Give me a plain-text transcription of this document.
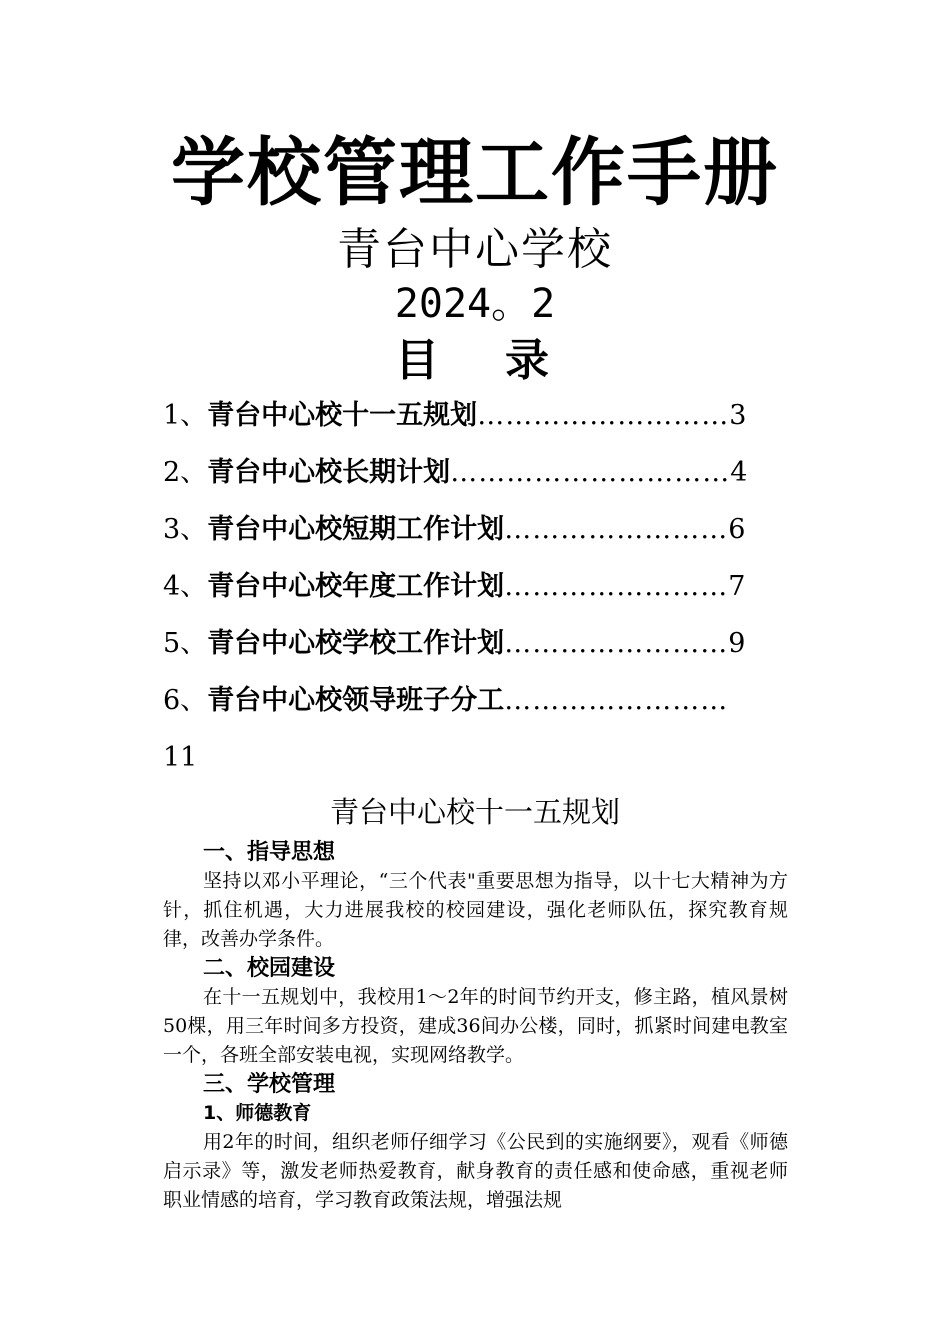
学校管理工作手册
青台中心学校
2024。2
目 录
1、青台中心校十一五规划………………………3
2、青台中心校长期计划…………………………4
3、青台中心校短期工作计划……………………6
4、青台中心校年度工作计划……………………7
5、青台中心校学校工作计划……………………9
6、青台中心校领导班子分工……………………
11
青台中心校十一五规划
一、指导思想
坚持以邓小平理论，“三个代表"重要思想为指导，以十七大精神为方针，抓住机遇，大力进展我校的校园建设，强化老师队伍，探究教育规律，改善办学条件。
二、校园建设
在十一五规划中，我校用1～2年的时间节约开支，修主路，植风景树50棵，用三年时间多方投资，建成36间办公楼，同时，抓紧时间建电教室一个，各班全部安装电视，实现网络教学。
三、学校管理
1、师德教育
用2年的时间，组织老师仔细学习《公民到的实施纲要》，观看《师德启示录》等，激发老师热爱教育，献身教育的责任感和使命感，重视老师职业情感的培育，学习教育政策法规，增强法规
